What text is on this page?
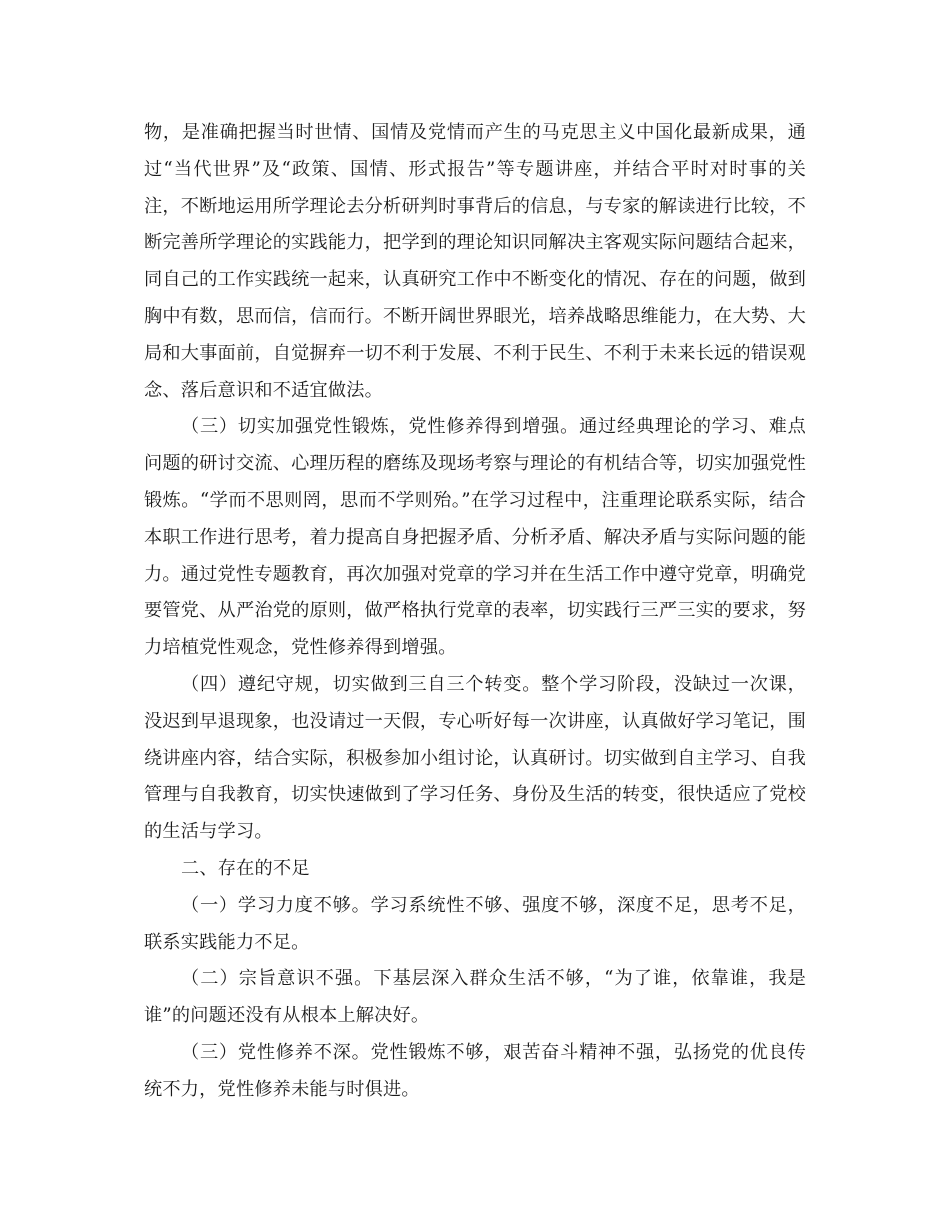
物，是准确把握当时世情、国情及党情而产生的马克思主义中国化最新成果，通过“当代世界”及“政策、国情、形式报告”等专题讲座，并结合平时对时事的关注，不断地运用所学理论去分析研判时事背后的信息，与专家的解读进行比较，不断完善所学理论的实践能力，把学到的理论知识同解决主客观实际问题结合起来，同自己的工作实践统一起来，认真研究工作中不断变化的情况、存在的问题，做到胸中有数，思而信，信而行。不断开阔世界眼光，培养战略思维能力，在大势、大局和大事面前，自觉摒弃一切不利于发展、不利于民生、不利于未来长远的错误观念、落后意识和不适宜做法。

（三）切实加强党性锻炼，党性修养得到增强。通过经典理论的学习、难点问题的研讨交流、心理历程的磨练及现场考察与理论的有机结合等，切实加强党性锻炼。“学而不思则罔，思而不学则殆。”在学习过程中，注重理论联系实际，结合本职工作进行思考，着力提高自身把握矛盾、分析矛盾、解决矛盾与实际问题的能力。通过党性专题教育，再次加强对党章的学习并在生活工作中遵守党章，明确党要管党、从严治党的原则，做严格执行党章的表率，切实践行三严三实的要求，努力培植党性观念，党性修养得到增强。

（四）遵纪守规，切实做到三自三个转变。整个学习阶段，没缺过一次课，没迟到早退现象，也没请过一天假，专心听好每一次讲座，认真做好学习笔记，围绕讲座内容，结合实际，积极参加小组讨论，认真研讨。切实做到自主学习、自我管理与自我教育，切实快速做到了学习任务、身份及生活的转变，很快适应了党校的生活与学习。

二、存在的不足

（一）学习力度不够。学习系统性不够、强度不够，深度不足，思考不足，联系实践能力不足。

（二）宗旨意识不强。下基层深入群众生活不够，“为了谁，依靠谁，我是谁”的问题还没有从根本上解决好。

（三）党性修养不深。党性锻炼不够，艰苦奋斗精神不强，弘扬党的优良传统不力，党性修养未能与时俱进。
